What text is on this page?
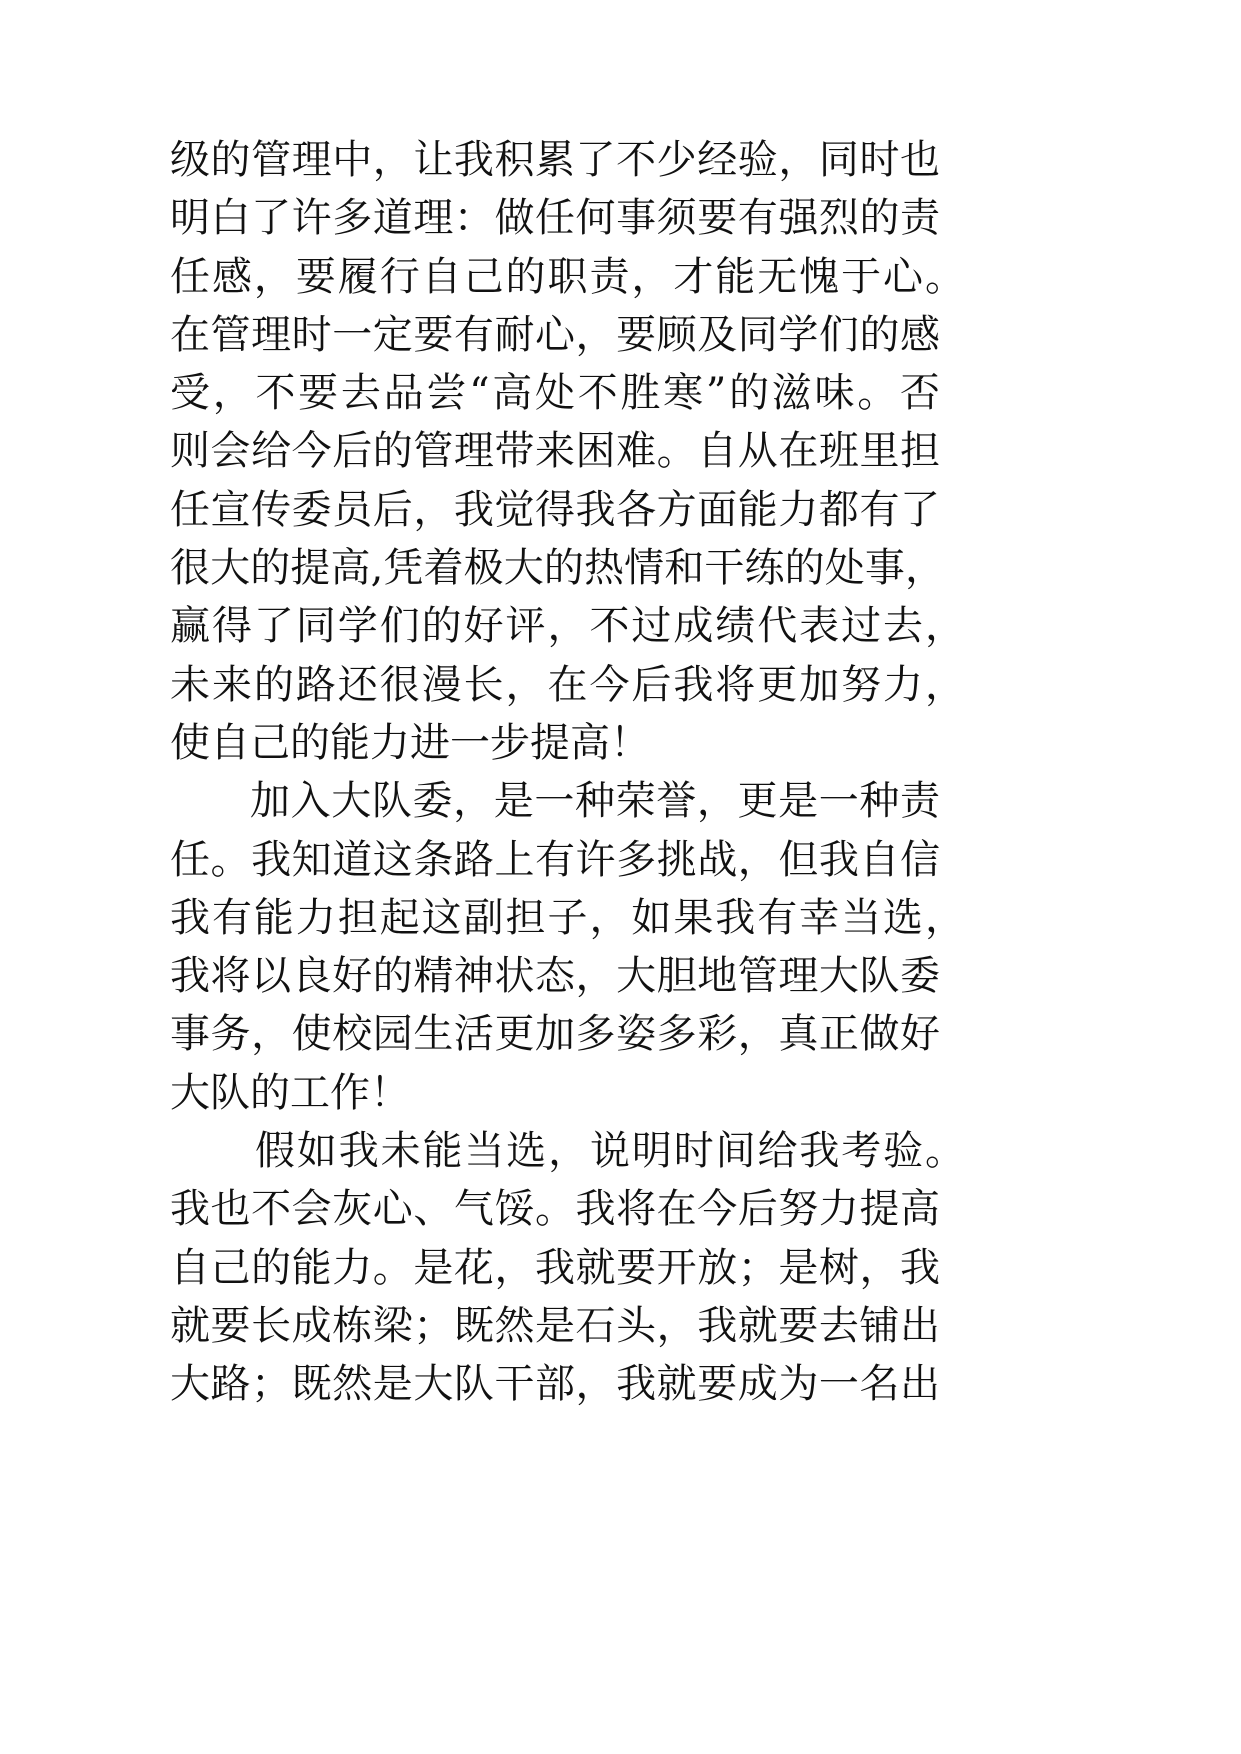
级的管理中，让我积累了不少经验，同时也
明白了许多道理：做任何事须要有强烈的责
任感，要履行自己的职责，才能无愧于心。
在管理时一定要有耐心，要顾及同学们的感
受，不要去品尝“高处不胜寒”的滋味。否
则会给今后的管理带来困难。自从在班里担
任宣传委员后，我觉得我各方面能力都有了
很大的提高,凭着极大的热情和干练的处事，
赢得了同学们的好评，不过成绩代表过去，
未来的路还很漫长，在今后我将更加努力，
使自己的能力进一步提高！
加入大队委，是一种荣誉，更是一种责
任。我知道这条路上有许多挑战，但我自信
我有能力担起这副担子，如果我有幸当选，
我将以良好的精神状态，大胆地管理大队委
事务，使校园生活更加多姿多彩，真正做好
大队的工作！
假如我未能当选，说明时间给我考验。
我也不会灰心、气馁。我将在今后努力提高
自己的能力。是花，我就要开放；是树，我
就要长成栋梁；既然是石头，我就要去铺出
大路；既然是大队干部，我就要成为一名出
